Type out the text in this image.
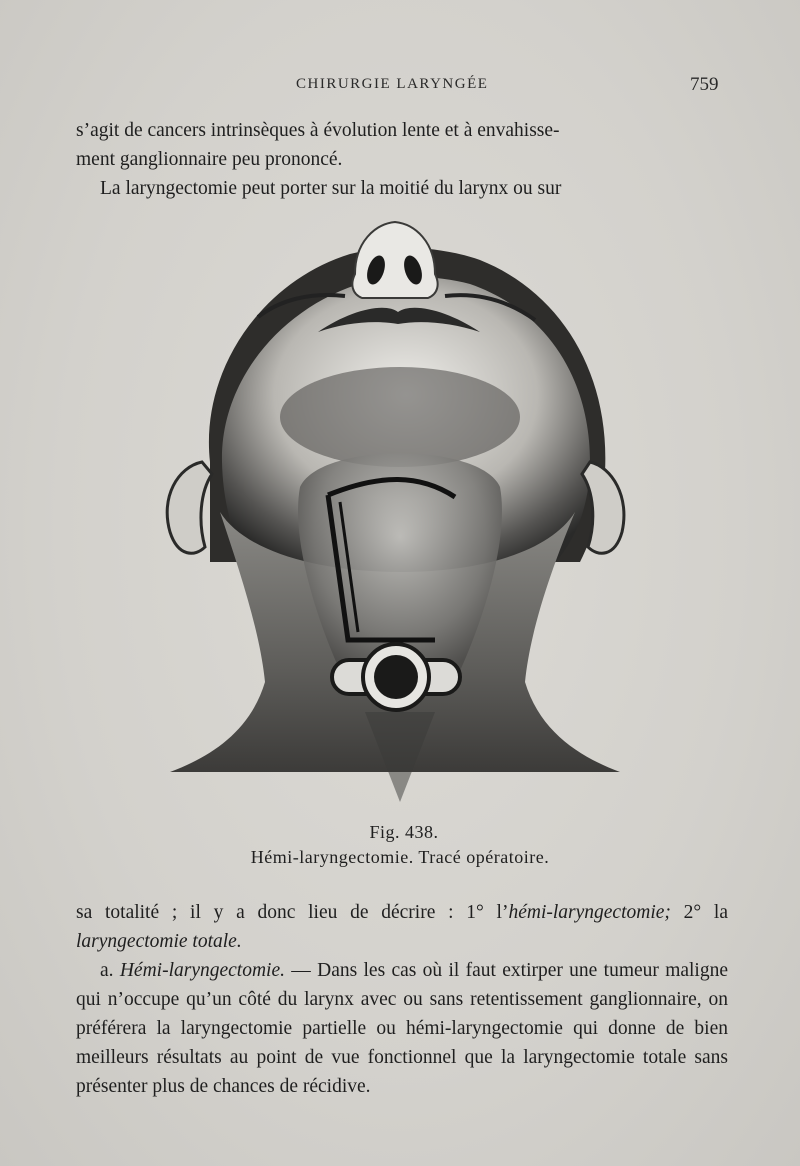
CHIRURGIE LARYNGÉE	759

s’agit de cancers intrinsèques à évolution lente et à envahisse-
ment ganglionnaire peu prononcé.

La laryngectomie peut porter sur la moitié du larynx ou sur

Fig. 438.
Hémi-laryngectomie. Tracé opératoire.

sa totalité ; il y a donc lieu de décrire : 1° l’hémi-laryngectomie; 2° la laryngectomie totale.

a. Hémi-laryngectomie. — Dans les cas où il faut extirper une tumeur maligne qui n’occupe qu’un côté du larynx avec ou sans retentissement ganglionnaire, on préférera la laryngectomie partielle ou hémi-laryngectomie qui donne de bien meilleurs résultats au point de vue fonctionnel que la laryngectomie totale sans présenter plus de chances de récidive.
